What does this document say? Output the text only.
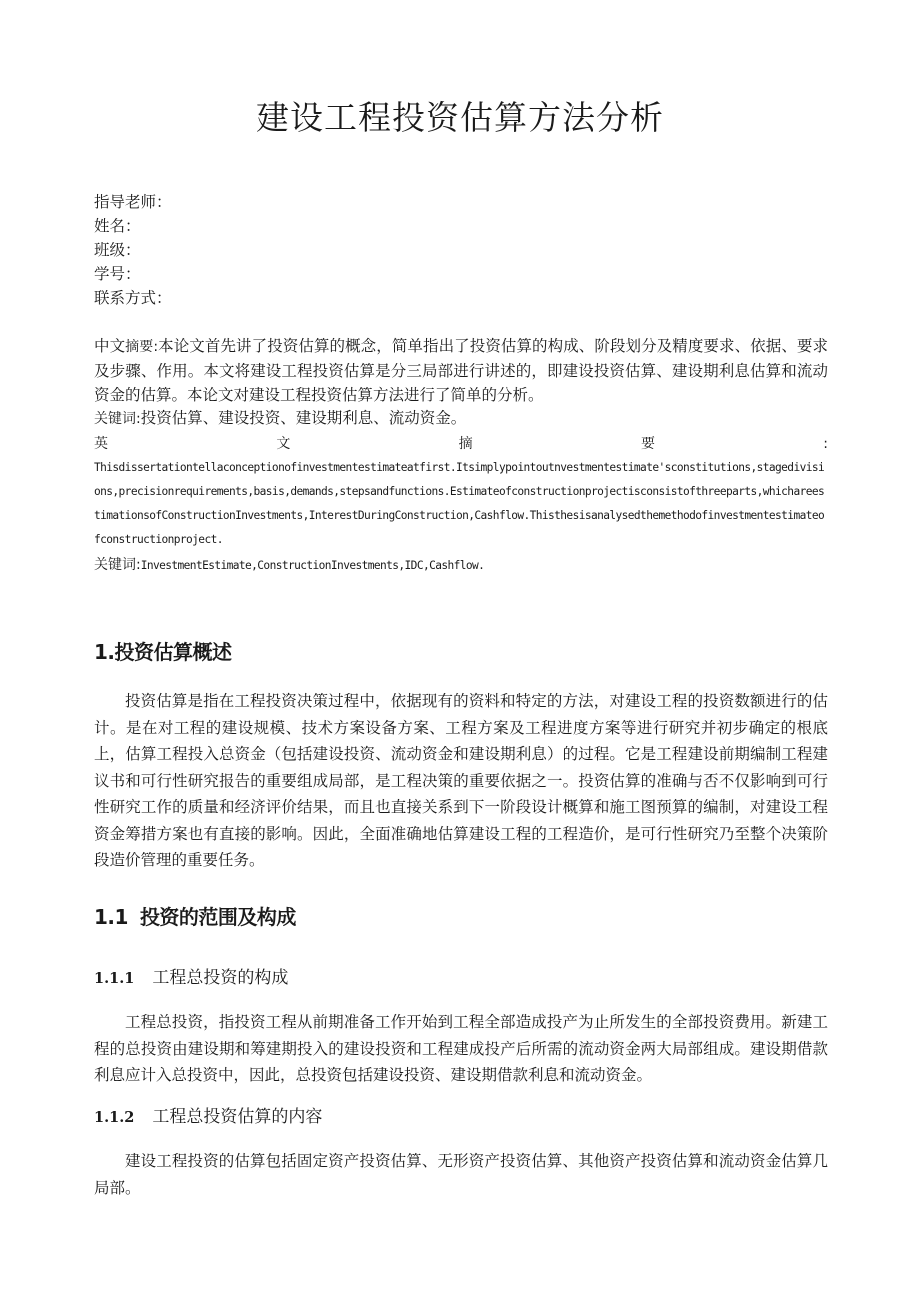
建设工程投资估算方法分析
指导老师：
姓名：
班级：
学号：
联系方式：
中文摘要:本论文首先讲了投资估算的概念，简单指出了投资估算的构成、阶段划分及精度要求、依据、要求及步骤、作用。本文将建设工程投资估算是分三局部进行讲述的，即建设投资估算、建设期利息估算和流动资金的估算。本论文对建设工程投资估算方法进行了简单的分析。
关键词:投资估算、建设投资、建设期利息、流动资金。
英	文	摘	要	:
Thisdissertationtellaconceptionofinvestmentestimateatfirst.Itsimplypointoutnvestmentestimate'sconstitutions,stagedivisions,precisionrequirements,basis,demands,stepsandfunctions.Estimateofconstructionprojectisconsistofthreeparts,whichareestimationsofConstructionInvestments,InterestDuringConstruction,Cashflow.Thisthesisanalysedthemethodofinvestmentestimateofconstructionproject.
关键词:InvestmentEstimate,ConstructionInvestments,IDC,Cashflow.
1.投资估算概述
投资估算是指在工程投资决策过程中，依据现有的资料和特定的方法，对建设工程的投资数额进行的估计。是在对工程的建设规模、技术方案设备方案、工程方案及工程进度方案等进行研究并初步确定的根底上，估算工程投入总资金（包括建设投资、流动资金和建设期利息）的过程。它是工程建设前期编制工程建议书和可行性研究报告的重要组成局部，是工程决策的重要依据之一。投资估算的准确与否不仅影响到可行性研究工作的质量和经济评价结果，而且也直接关系到下一阶段设计概算和施工图预算的编制，对建设工程资金筹措方案也有直接的影响。因此，全面准确地估算建设工程的工程造价，是可行性研究乃至整个决策阶段造价管理的重要任务。
1.1 投资的范围及构成
1.1.1 工程总投资的构成
工程总投资，指投资工程从前期准备工作开始到工程全部造成投产为止所发生的全部投资费用。新建工程的总投资由建设期和筹建期投入的建设投资和工程建成投产后所需的流动资金两大局部组成。建设期借款利息应计入总投资中，因此，总投资包括建设投资、建设期借款利息和流动资金。
1.1.2 工程总投资估算的内容
建设工程投资的估算包括固定资产投资估算、无形资产投资估算、其他资产投资估算和流动资金估算几局部。
